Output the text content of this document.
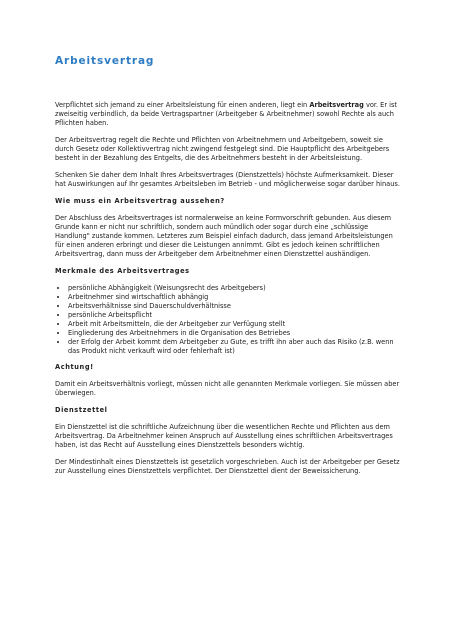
Arbeitsvertrag

Verpflichtet sich jemand zu einer Arbeitsleistung für einen anderen, liegt ein Arbeitsvertrag vor. Er ist zweiseitig verbindlich, da beide Vertragspartner (Arbeitgeber & Arbeitnehmer) sowohl Rechte als auch Pflichten haben.

Der Arbeitsvertrag regelt die Rechte und Pflichten von Arbeitnehmern und Arbeitgebern, soweit sie durch Gesetz oder Kollektivvertrag nicht zwingend festgelegt sind. Die Hauptpflicht des Arbeitgebers besteht in der Bezahlung des Entgelts, die des Arbeitnehmers besteht in der Arbeitsleistung.

Schenken Sie daher dem Inhalt Ihres Arbeitsvertrages (Dienstzettels) höchste Aufmerksamkeit. Dieser hat Auswirkungen auf Ihr gesamtes Arbeitsleben im Betrieb - und möglicherweise sogar darüber hinaus.

Wie muss ein Arbeitsvertrag aussehen?

Der Abschluss des Arbeitsvertrages ist normalerweise an keine Formvorschrift gebunden. Aus diesem Grunde kann er nicht nur schriftlich, sondern auch mündlich oder sogar durch eine „schlüssige Handlung" zustande kommen. Letzteres zum Beispiel einfach dadurch, dass jemand Arbeitsleistungen für einen anderen erbringt und dieser die Leistungen annimmt. Gibt es jedoch keinen schriftlichen Arbeitsvertrag, dann muss der Arbeitgeber dem Arbeitnehmer einen Dienstzettel aushändigen.

Merkmale des Arbeitsvertrages
• persönliche Abhängigkeit (Weisungsrecht des Arbeitgebers)
• Arbeitnehmer sind wirtschaftlich abhängig
• Arbeitsverhältnisse sind Dauerschuldverhältnisse
• persönliche Arbeitspflicht
• Arbeit mit Arbeitsmitteln, die der Arbeitgeber zur Verfügung stellt
• Eingliederung des Arbeitnehmers in die Organisation des Betriebes
• der Erfolg der Arbeit kommt dem Arbeitgeber zu Gute, es trifft ihn aber auch das Risiko (z.B. wenn das Produkt nicht verkauft wird oder fehlerhaft ist)
Achtung!

Damit ein Arbeitsverhältnis vorliegt, müssen nicht alle genannten Merkmale vorliegen. Sie müssen aber überwiegen.

Dienstzettel

Ein Dienstzettel ist die schriftliche Aufzeichnung über die wesentlichen Rechte und Pflichten aus dem Arbeitsvertrag. Da Arbeitnehmer keinen Anspruch auf Ausstellung eines schriftlichen Arbeitsvertrages haben, ist das Recht auf Ausstellung eines Dienstzettels besonders wichtig.

Der Mindestinhalt eines Dienstzettels ist gesetzlich vorgeschrieben. Auch ist der Arbeitgeber per Gesetz zur Ausstellung eines Dienstzettels verpflichtet. Der Dienstzettel dient der Beweissicherung.
